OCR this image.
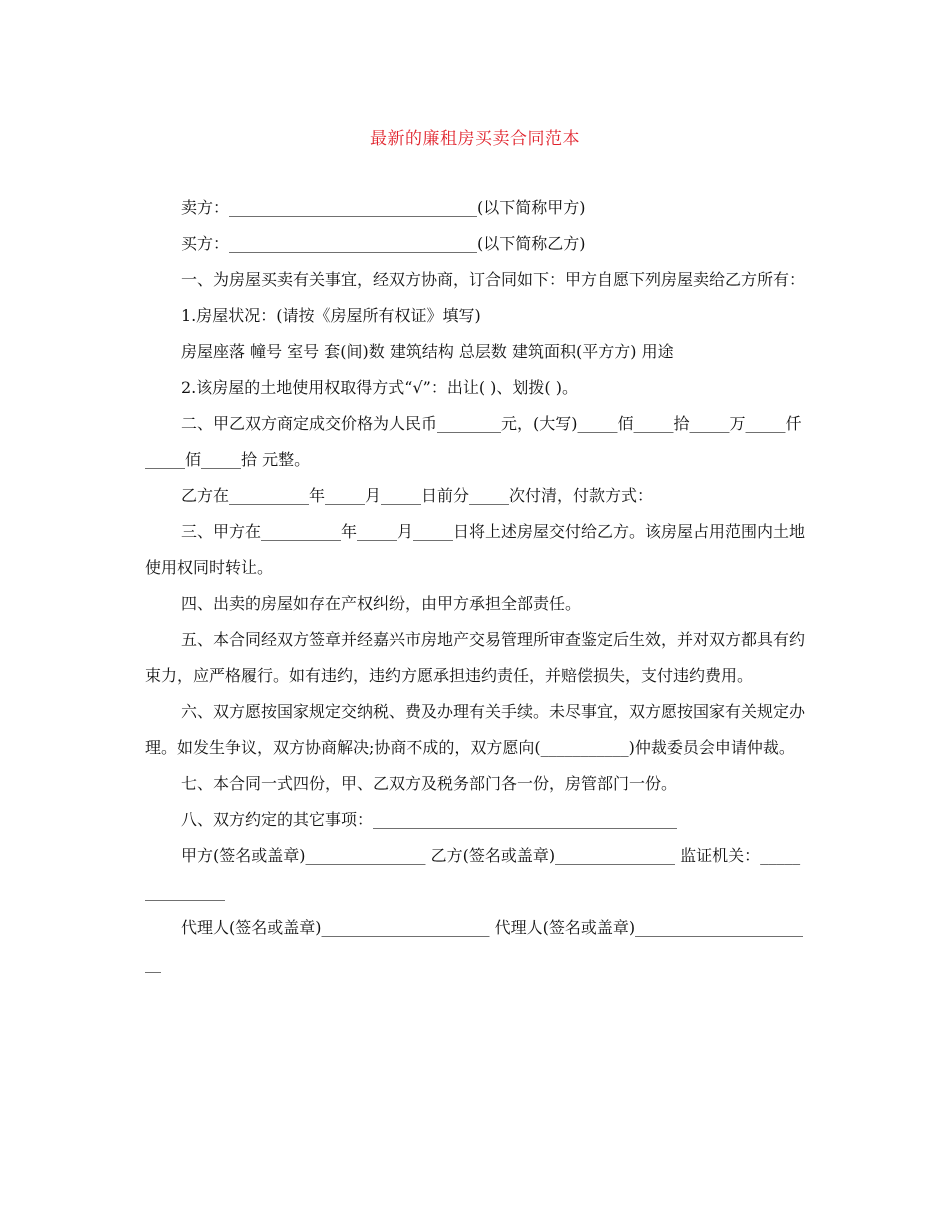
最新的廉租房买卖合同范本

卖方：_______________________________(以下简称甲方)

买方：_______________________________(以下简称乙方)

一、为房屋买卖有关事宜，经双方协商，订合同如下：甲方自愿下列房屋卖给乙方所有：

1.房屋状况：(请按《房屋所有权证》填写)

房屋座落 幢号 室号 套(间)数 建筑结构 总层数 建筑面积(平方方) 用途

2.该房屋的土地使用权取得方式“√”：出让( )、划拨( )。

二、甲乙双方商定成交价格为人民币________元，(大写)_____佰_____拾_____万_____仟_____佰_____拾 元整。

乙方在__________年_____月_____日前分_____次付清，付款方式：

三、甲方在__________年_____月_____日将上述房屋交付给乙方。该房屋占用范围内土地使用权同时转让。

四、出卖的房屋如存在产权纠纷，由甲方承担全部责任。

五、本合同经双方签章并经嘉兴市房地产交易管理所审查鉴定后生效，并对双方都具有约束力，应严格履行。如有违约，违约方愿承担违约责任，并赔偿损失，支付违约费用。

六、双方愿按国家规定交纳税、费及办理有关手续。未尽事宜，双方愿按国家有关规定办理。如发生争议，双方协商解决;协商不成的，双方愿向(___________)仲裁委员会申请仲裁。

七、本合同一式四份，甲、乙双方及税务部门各一份，房管部门一份。

八、双方约定的其它事项：______________________________________

甲方(签名或盖章)_______________ 乙方(签名或盖章)_______________ 监证机关：_______________

代理人(签名或盖章)_____________________ 代理人(签名或盖章)_______________________
